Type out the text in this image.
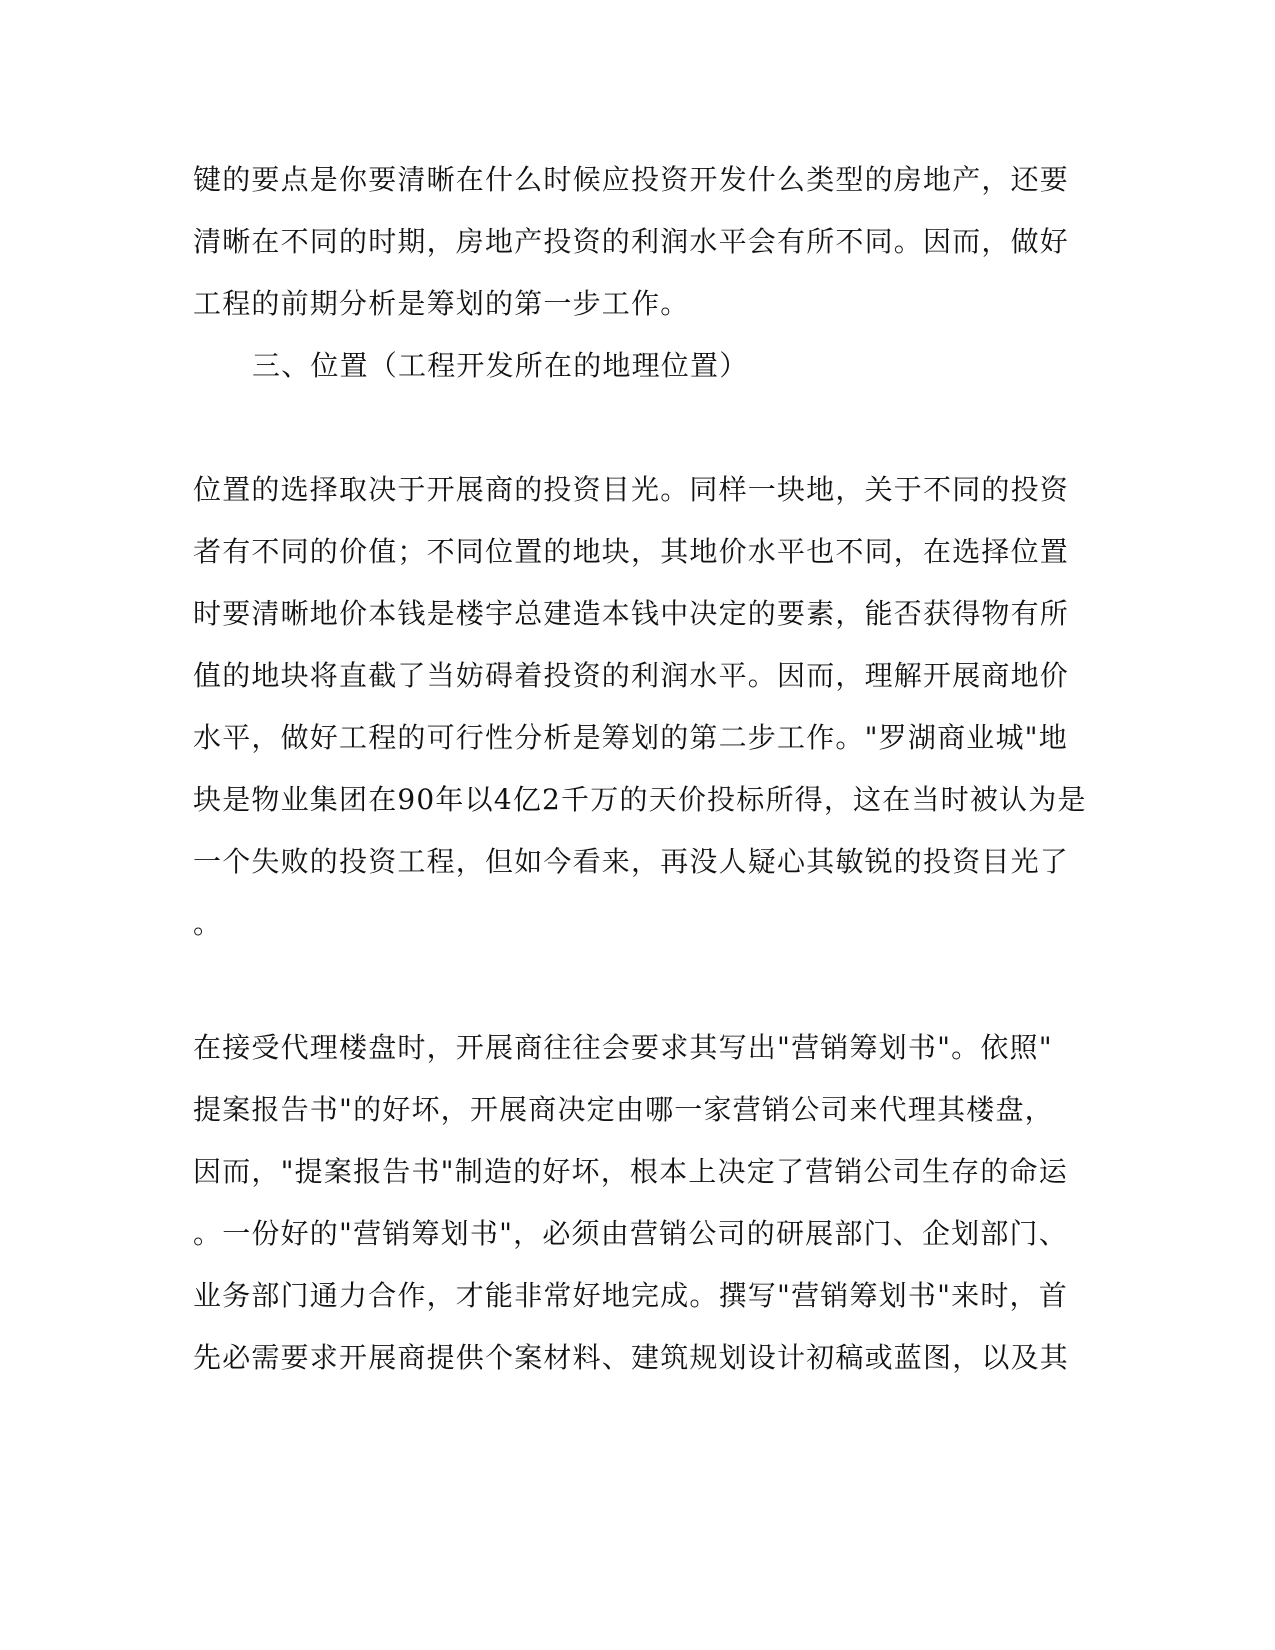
键的要点是你要清晰在什么时候应投资开发什么类型的房地产，还要
清晰在不同的时期，房地产投资的利润水平会有所不同。因而，做好
工程的前期分析是筹划的第一步工作。
三、位置（工程开发所在的地理位置）
位置的选择取决于开展商的投资目光。同样一块地，关于不同的投资
者有不同的价值；不同位置的地块，其地价水平也不同，在选择位置
时要清晰地价本钱是楼宇总建造本钱中决定的要素，能否获得物有所
值的地块将直截了当妨碍着投资的利润水平。因而，理解开展商地价
水平，做好工程的可行性分析是筹划的第二步工作。"罗湖商业城"地
块是物业集团在90年以4亿2千万的天价投标所得，这在当时被认为是
一个失败的投资工程，但如今看来，再没人疑心其敏锐的投资目光了
。
在接受代理楼盘时，开展商往往会要求其写出"营销筹划书"。依照"
提案报告书"的好坏，开展商决定由哪一家营销公司来代理其楼盘，
因而，"提案报告书"制造的好坏，根本上决定了营销公司生存的命运
。一份好的"营销筹划书"，必须由营销公司的研展部门、企划部门、
业务部门通力合作，才能非常好地完成。撰写"营销筹划书"来时，首
先必需要求开展商提供个案材料、建筑规划设计初稿或蓝图，以及其
